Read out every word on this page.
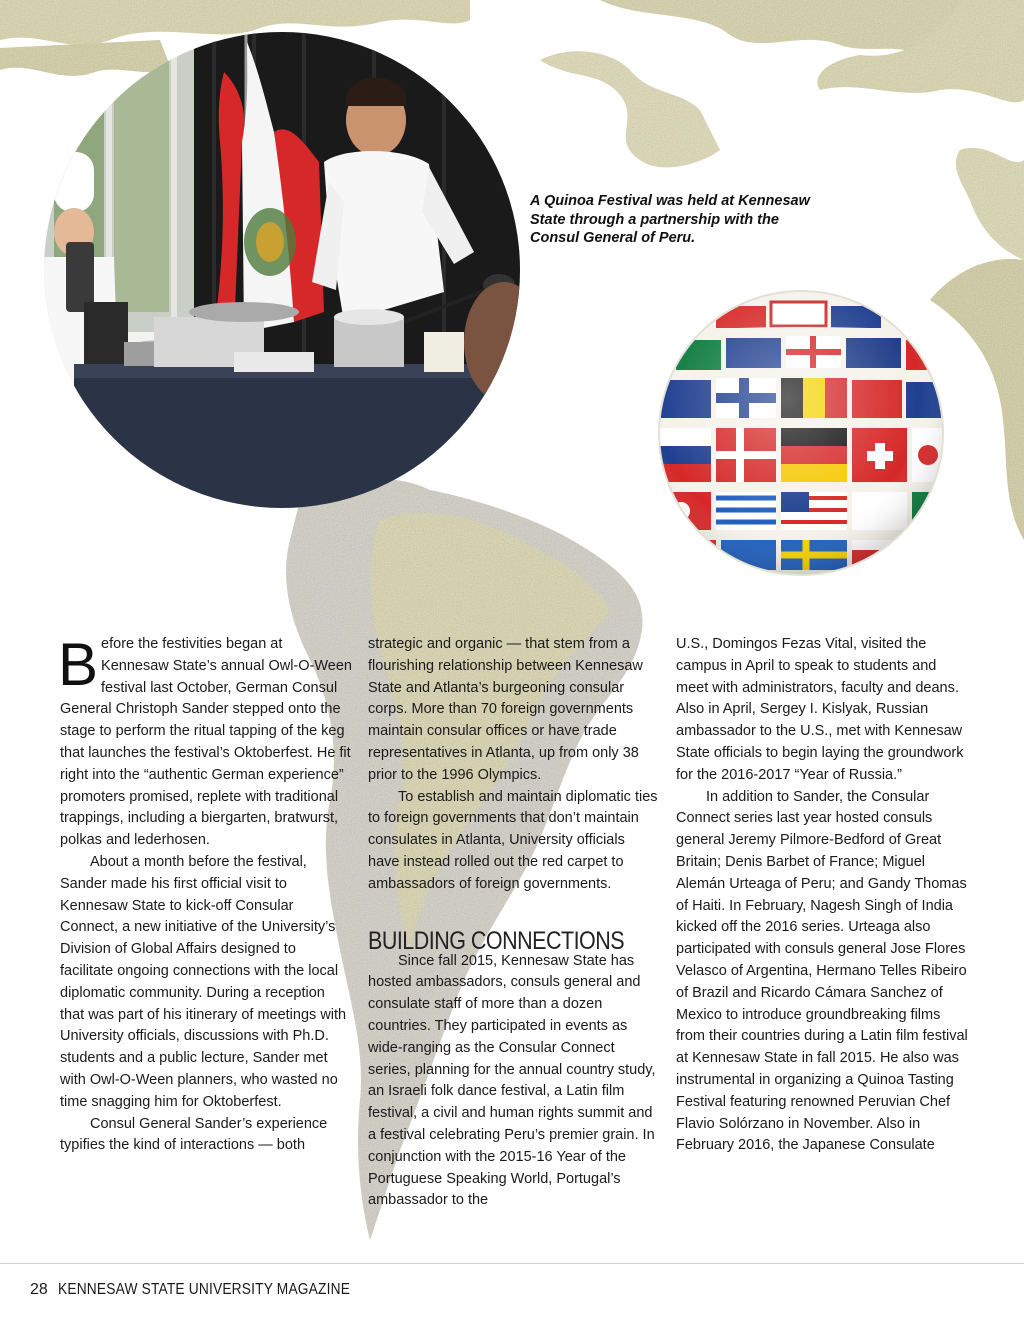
A Quinoa Festival was held at Kennesaw State through a partnership with the Consul General of Peru.

Before the festivities began at Kennesaw State’s annual Owl-O-Ween festival last October, German Consul General Christoph Sander stepped onto the stage to perform the ritual tapping of the keg that launches the festival’s Oktoberfest. He fit right into the “authentic German experience” promoters promised, replete with traditional trappings, including a biergarten, bratwurst, polkas and lederhosen.

About a month before the festival, Sander made his first official visit to Kennesaw State to kick-off Consular Connect, a new initiative of the University’s Division of Global Affairs designed to facilitate ongoing connections with the local diplomatic community. During a reception that was part of his itinerary of meetings with University officials, discussions with Ph.D. students and a public lecture, Sander met with Owl-O-Ween planners, who wasted no time snagging him for Oktoberfest.

Consul General Sander’s experience typifies the kind of interactions — both

strategic and organic — that stem from a flourishing relationship between Kennesaw State and Atlanta’s burgeoning consular corps. More than 70 foreign governments maintain consular offices or have trade representatives in Atlanta, up from only 38 prior to the 1996 Olympics.

To establish and maintain diplomatic ties to foreign governments that don’t maintain consulates in Atlanta, University officials have instead rolled out the red carpet to ambassadors of foreign governments.

BUILDING CONNECTIONS

Since fall 2015, Kennesaw State has hosted ambassadors, consuls general and consulate staff of more than a dozen countries. They participated in events as wide-ranging as the Consular Connect series, planning for the annual country study, an Israeli folk dance festival, a Latin film festival, a civil and human rights summit and a festival celebrating Peru’s premier grain. In conjunction with the 2015-16 Year of the Portuguese Speaking World, Portugal’s ambassador to the

U.S., Domingos Fezas Vital, visited the campus in April to speak to students and meet with administrators, faculty and deans. Also in April, Sergey I. Kislyak, Russian ambassador to the U.S., met with Kennesaw State officials to begin laying the groundwork for the 2016-2017 “Year of Russia.”

In addition to Sander, the Consular Connect series last year hosted consuls general Jeremy Pilmore-Bedford of Great Britain; Denis Barbet of France; Miguel Alemán Urteaga of Peru; and Gandy Thomas of Haiti. In February, Nagesh Singh of India kicked off the 2016 series. Urteaga also participated with consuls general Jose Flores Velasco of Argentina, Hermano Telles Ribeiro of Brazil and Ricardo Cámara Sanchez of Mexico to introduce groundbreaking films from their countries during a Latin film festival at Kennesaw State in fall 2015. He also was instrumental in organizing a Quinoa Tasting Festival featuring renowned Peruvian Chef Flavio Solórzano in November. Also in February 2016, the Japanese Consulate

28 KENNESAW STATE UNIVERSITY MAGAZINE
